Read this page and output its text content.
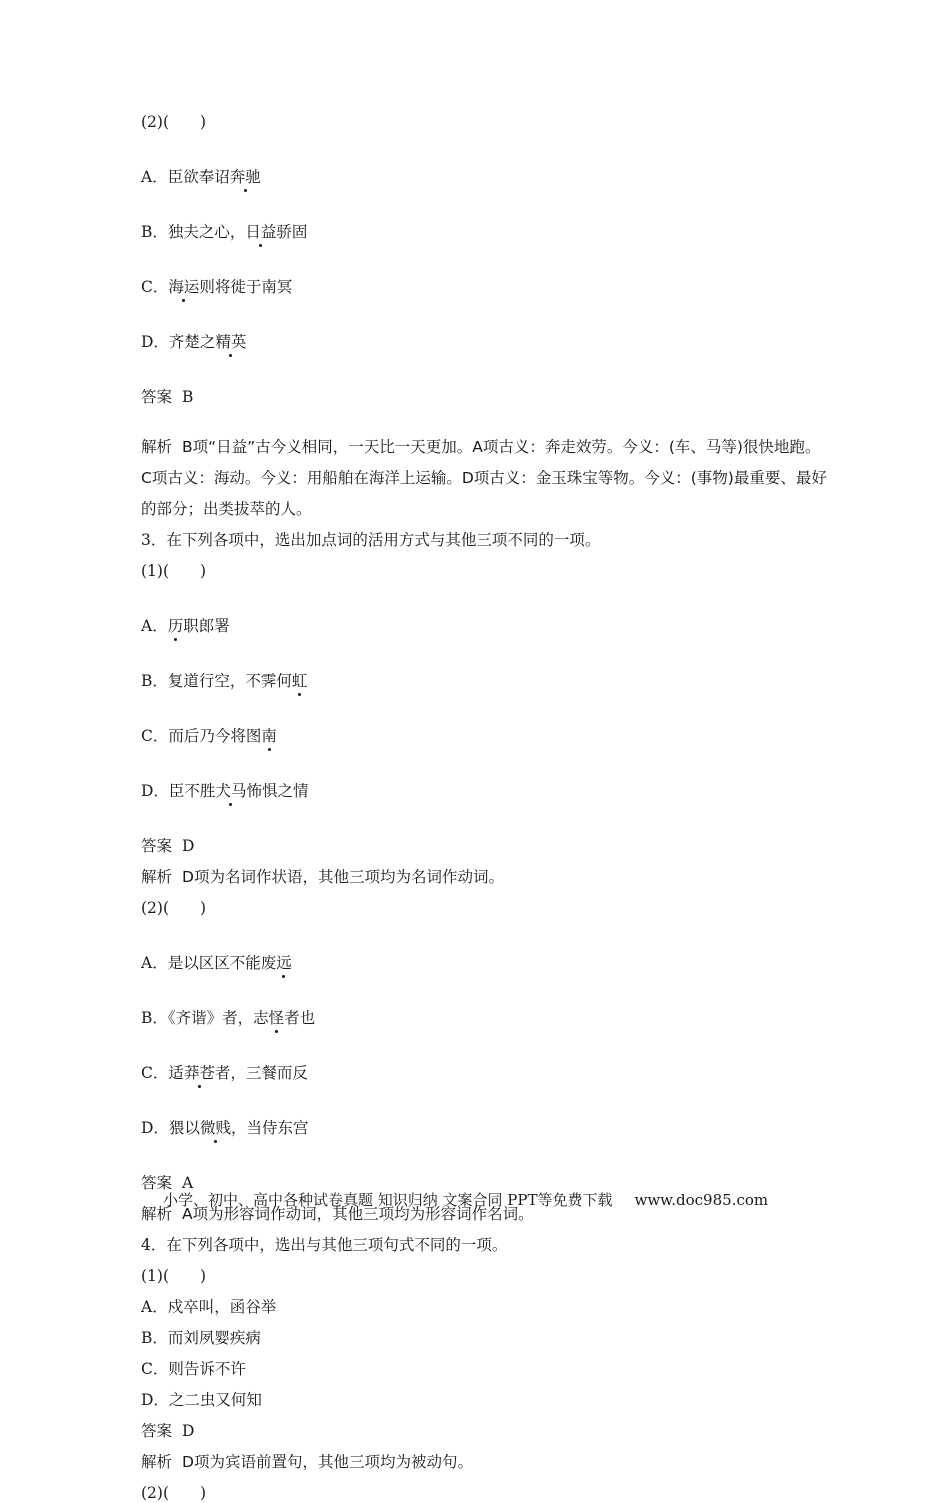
(2)(　　)

A．臣欲奉诏奔驰

B．独夫之心，日益骄固

C．海运则将徙于南冥

D．齐楚之精英

答案 B

解析 B项“日益”古今义相同，一天比一天更加。A项古义：奔走效劳。今义：(车、马等)很快地跑。C项古义：海动。今义：用船舶在海洋上运输。D项古义：金玉珠宝等物。今义：(事物)最重要、最好的部分；出类拔萃的人。

3．在下列各项中，选出加点词的活用方式与其他三项不同的一项。

(1)(　　)

A．历职郎署

B．复道行空，不霁何虹

C．而后乃今将图南

D．臣不胜犬马怖惧之情

答案 D

解析 D项为名词作状语，其他三项均为名词作动词。

(2)(　　)

A．是以区区不能废远

B．《齐谐》者，志怪者也

C．适莽苍者，三餐而反

D．猥以微贱，当侍东宫

答案 A

解析 A项为形容词作动词，其他三项均为形容词作名词。

4．在下列各项中，选出与其他三项句式不同的一项。

(1)(　　)

A．戍卒叫，函谷举

B．而刘夙婴疾病

C．则告诉不许

D．之二虫又何知

答案 D

解析 D项为宾语前置句，其他三项均为被动句。

(2)(　　)

小学、初中、高中各种试卷真题 知识归纳 文案合同 PPT等免费下载 www.doc985.com
